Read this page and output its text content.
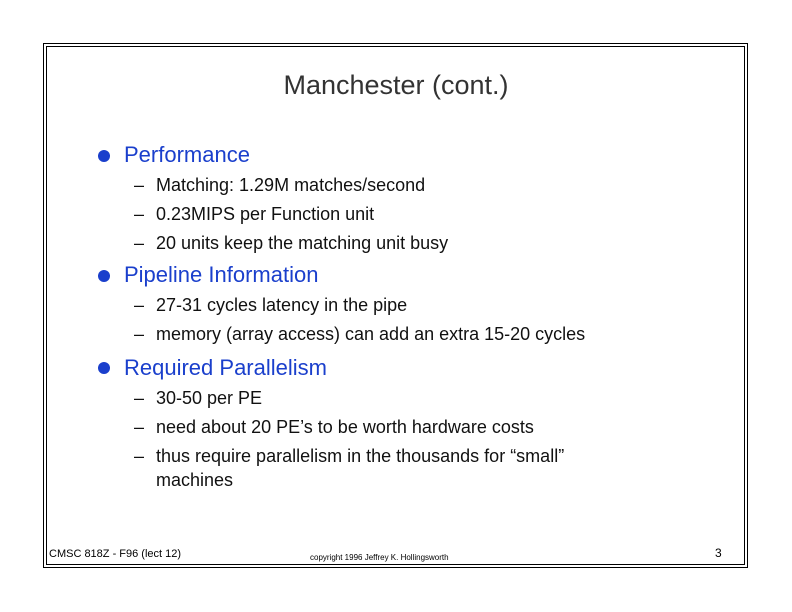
Manchester (cont.)
Performance
– Matching: 1.29M matches/second
– 0.23MIPS per Function unit
– 20 units keep the matching unit busy
Pipeline Information
– 27-31 cycles latency in the pipe
– memory (array access) can add an extra 15-20 cycles
Required Parallelism
– 30-50 per PE
– need about 20 PE’s to be worth hardware costs
– thus require parallelism in the thousands for “small”
machines
CMSC 818Z - F96 (lect 12)	copyright 1996 Jeffrey K. Hollingsworth	3
